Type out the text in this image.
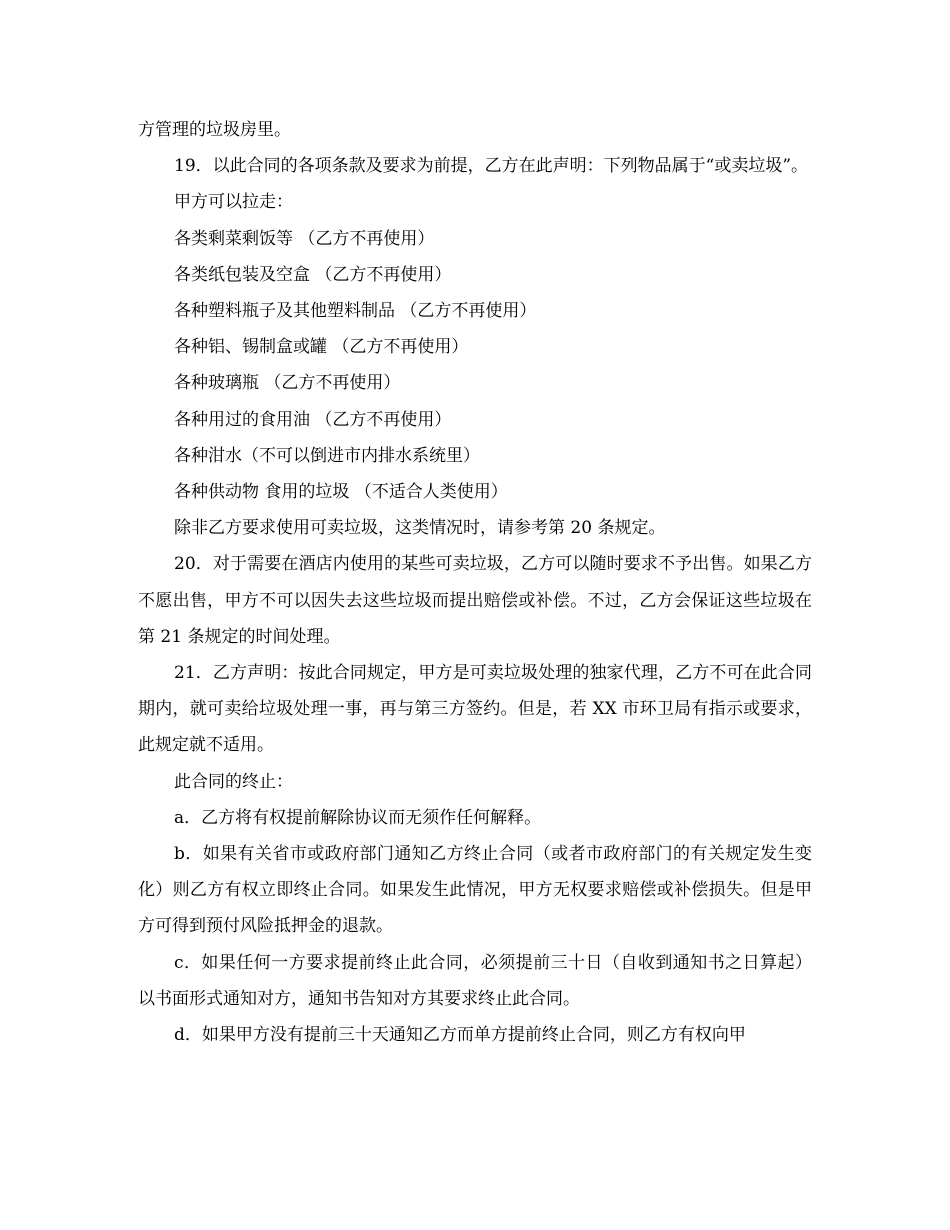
方管理的垃圾房里。

19．以此合同的各项条款及要求为前提，乙方在此声明：下列物品属于“或卖垃圾”。

甲方可以拉走：

各类剩菜剩饭等 （乙方不再使用）

各类纸包装及空盒 （乙方不再使用）

各种塑料瓶子及其他塑料制品 （乙方不再使用）

各种铝、锡制盒或罐 （乙方不再使用）

各种玻璃瓶 （乙方不再使用）

各种用过的食用油 （乙方不再使用）

各种泔水（不可以倒进市内排水系统里）

各种供动物 食用的垃圾 （不适合人类使用）

除非乙方要求使用可卖垃圾，这类情况时，请参考第 20 条规定。

20．对于需要在酒店内使用的某些可卖垃圾，乙方可以随时要求不予出售。如果乙方不愿出售，甲方不可以因失去这些垃圾而提出赔偿或补偿。不过，乙方会保证这些垃圾在第 21 条规定的时间处理。

21．乙方声明：按此合同规定，甲方是可卖垃圾处理的独家代理，乙方不可在此合同期内，就可卖给垃圾处理一事，再与第三方签约。但是，若 XX 市环卫局有指示或要求，此规定就不适用。

此合同的终止：

a．乙方将有权提前解除协议而无须作任何解释。

b．如果有关省市或政府部门通知乙方终止合同（或者市政府部门的有关规定发生变化）则乙方有权立即终止合同。如果发生此情况，甲方无权要求赔偿或补偿损失。但是甲方可得到预付风险抵押金的退款。

c．如果任何一方要求提前终止此合同，必须提前三十日（自收到通知书之日算起）以书面形式通知对方，通知书告知对方其要求终止此合同。

d．如果甲方没有提前三十天通知乙方而单方提前终止合同，则乙方有权向甲
